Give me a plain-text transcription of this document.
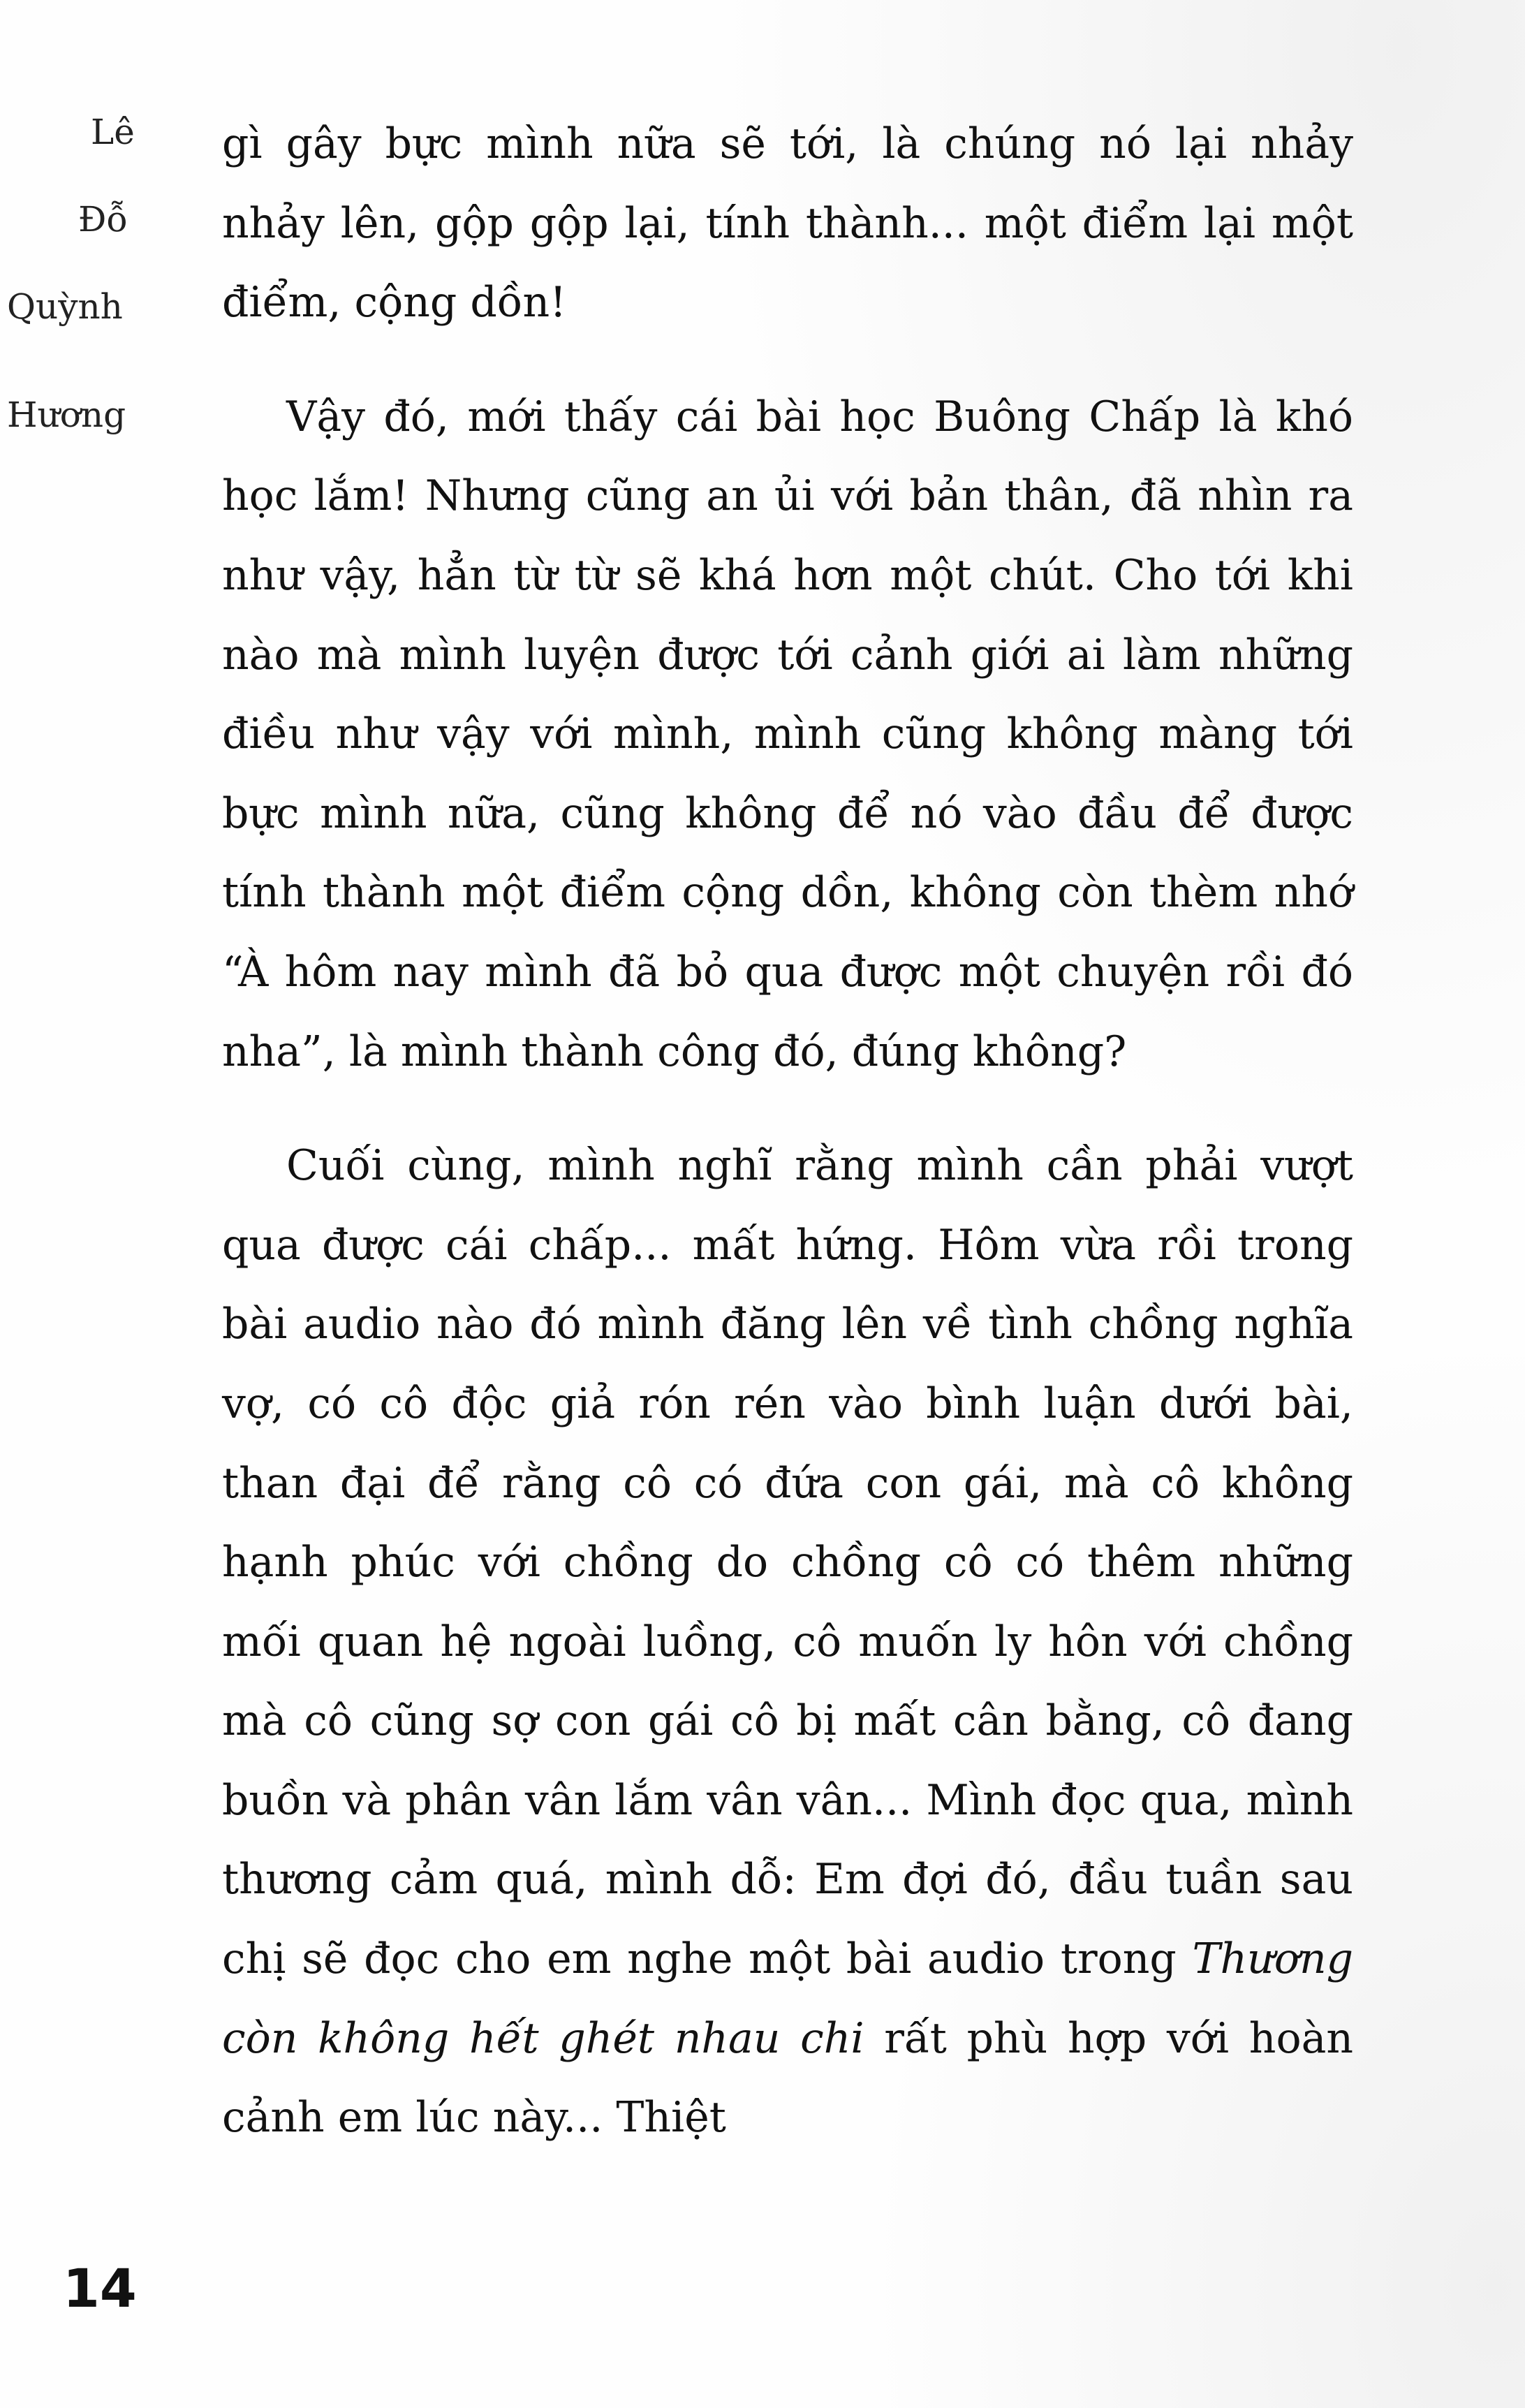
Lê
Đỗ
Quỳnh
Hương

gì gây bực mình nữa sẽ tới, là chúng nó lại nhảy nhảy lên, gộp gộp lại, tính thành... một điểm lại một điểm, cộng dồn!

Vậy đó, mới thấy cái bài học Buông Chấp là khó học lắm! Nhưng cũng an ủi với bản thân, đã nhìn ra như vậy, hẳn từ từ sẽ khá hơn một chút. Cho tới khi nào mà mình luyện được tới cảnh giới ai làm những điều như vậy với mình, mình cũng không màng tới bực mình nữa, cũng không để nó vào đầu để được tính thành một điểm cộng dồn, không còn thèm nhớ “À hôm nay mình đã bỏ qua được một chuyện rồi đó nha”, là mình thành công đó, đúng không?

Cuối cùng, mình nghĩ rằng mình cần phải vượt qua được cái chấp... mất hứng. Hôm vừa rồi trong bài audio nào đó mình đăng lên về tình chồng nghĩa vợ, có cô độc giả rón rén vào bình luận dưới bài, than đại để rằng cô có đứa con gái, mà cô không hạnh phúc với chồng do chồng cô có thêm những mối quan hệ ngoài luồng, cô muốn ly hôn với chồng mà cô cũng sợ con gái cô bị mất cân bằng, cô đang buồn và phân vân lắm vân vân... Mình đọc qua, mình thương cảm quá, mình dỗ: Em đợi đó, đầu tuần sau chị sẽ đọc cho em nghe một bài audio trong Thương còn không hết ghét nhau chi rất phù hợp với hoàn cảnh em lúc này... Thiệt

14
